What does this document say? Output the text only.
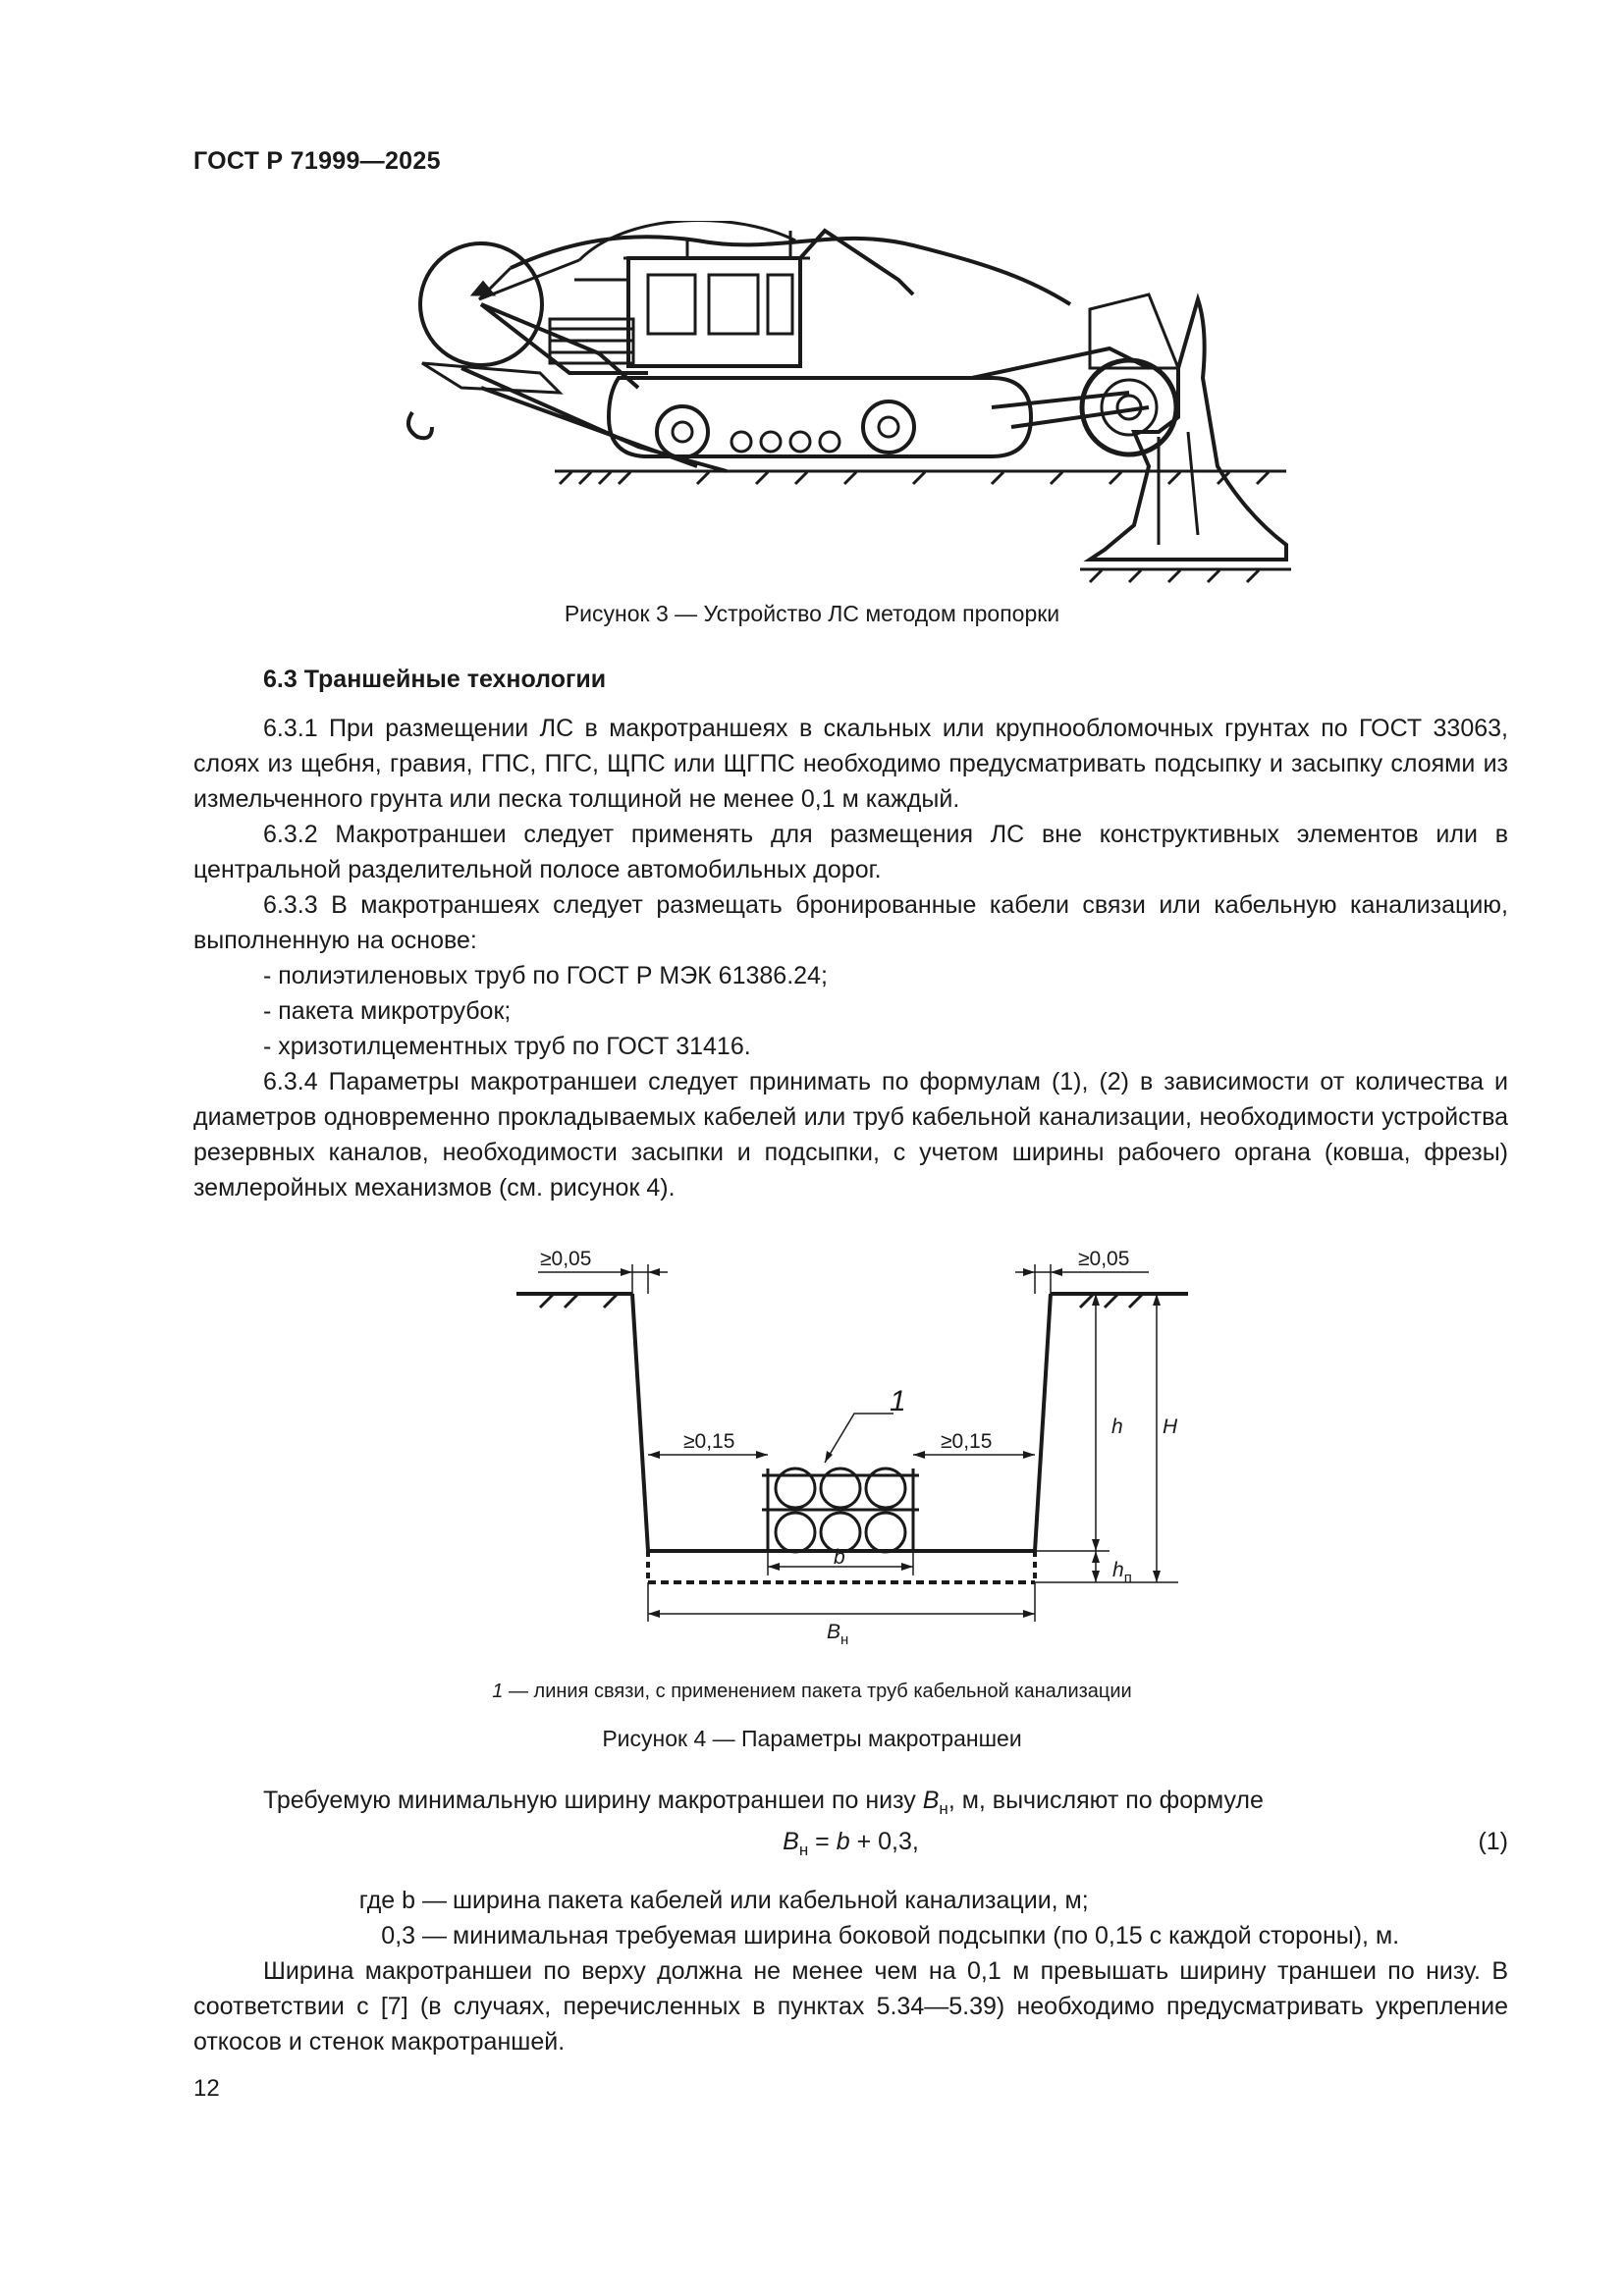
ГОСТ Р 71999—2025
Рисунок 3 — Устройство ЛС методом пропорки
6.3 Траншейные технологии

6.3.1 При размещении ЛС в макротраншеях в скальных или крупнообломочных грунтах по ГОСТ 33063, слоях из щебня, гравия, ГПС, ПГС, ЩПС или ЩГПС необходимо предусматривать подсыпку и засыпку слоями из измельченного грунта или песка толщиной не менее 0,1 м каждый.

6.3.2 Макротраншеи следует применять для размещения ЛС вне конструктивных элементов или в центральной разделительной полосе автомобильных дорог.

6.3.3 В макротраншеях следует размещать бронированные кабели связи или кабельную канализацию, выполненную на основе:

- полиэтиленовых труб по ГОСТ Р МЭК 61386.24;

- пакета микротрубок;

- хризотилцементных труб по ГОСТ 31416.

6.3.4 Параметры макротраншеи следует принимать по формулам (1), (2) в зависимости от количества и диаметров одновременно прокладываемых кабелей или труб кабельной канализации, необходимости устройства резервных каналов, необходимости засыпки и подсыпки, с учетом ширины рабочего органа (ковша, фрезы) землеройных механизмов (см. рисунок 4).

≥0,05	≥0,05
≥0,15	≥0,15
1
b
h H
$h_п$
$B_н$
1 — линия связи, с применением пакета труб кабельной канализации
Рисунок 4 — Параметры макротраншеи
Требуемую минимальную ширину макротраншеи по низу $B_н$, м, вычисляют по формуле
$B_н = b + 0,3$,	(1)
где b — ширина пакета кабелей или кабельной канализации, м;
0,3 — минимальная требуемая ширина боковой подсыпки (по 0,15 с каждой стороны), м.

Ширина макротраншеи по верху должна не менее чем на 0,1 м превышать ширину траншеи по низу. В соответствии с [7] (в случаях, перечисленных в пунктах 5.34—5.39) необходимо предусматривать укрепление откосов и стенок макротраншей.

12
